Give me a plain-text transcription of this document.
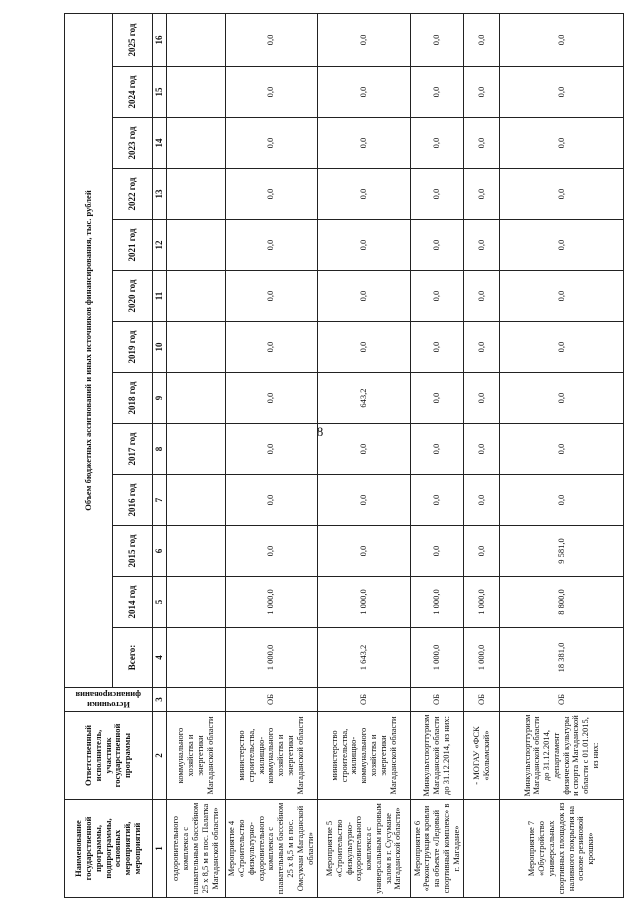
8
Наименование государственной программы, подпрограммы, основных мероприятий, мероприятий	Ответственный исполнитель, участник государственной программы	Источники финансирования	Объем бюджетных ассигнований и иных источников финансирования, тыс. рублей												
			Всего:	2014 год	2015 год	2016 год	2017 год	2018 год	2019 год	2020 год	2021 год	2022 год	2023 год	2024 год	2025 год
1	2	3	4	5	6	7	8	9	10	11	12	13	14	15	16
оздоровительного комплекса с плавательным бассейном 25 х 8,5 м в пос. Палатка Магаданской области»	коммунального хозяйства и энергетики Магаданской области														
Мероприятие 4 «Строительство физкультурно-оздоровительного комплекса с плавательным бассейном 25 х 8,5 м в пос. Омсукчан Магаданской области»	министерство строительства, жилищно-коммунального хозяйства и энергетики Магаданской области	ОБ	1 000,0	1 000,0	0,0	0,0	0,0	0,0	0,0	0,0	0,0	0,0	0,0	0,0	0,0
Мероприятие 5 «Строительство физкультурно-оздоровительного комплекса с универсальным игровым залом в г. Сусумане Магаданской области»	министерство строительства, жилищно-коммунального хозяйства и энергетики Магаданской области	ОБ	1 643,2	1 000,0	0,0	0,0	0,0	643,2	0,0	0,0	0,0	0,0	0,0	0,0	0,0
Мероприятие 6 «Реконструкция кровли на объекте «Ледовый спортивный комплекс» в г. Магадане»	Минкультспорттуризм Магаданской области до 31.12.2014, из них:	ОБ	1 000,0	1 000,0	0,0	0,0	0,0	0,0	0,0	0,0	0,0	0,0	0,0	0,0	0,0
	- МОГАУ «ФСК «Колымский»	ОБ	1 000,0	1 000,0	0,0	0,0	0,0	0,0	0,0	0,0	0,0	0,0	0,0	0,0	0,0
Мероприятие 7 «Обустройство универсальных спортивных площадок из наливного покрытия на основе резиновой крошки»	Минкультспорттуризм Магаданской области до 31.12.2014, департамент физической культуры и спорта Магаданской области с 01.01.2015, из них:	ОБ	18 381,0	8 800,0	9 581,0	0,0	0,0	0,0	0,0	0,0	0,0	0,0	0,0	0,0	0,0
